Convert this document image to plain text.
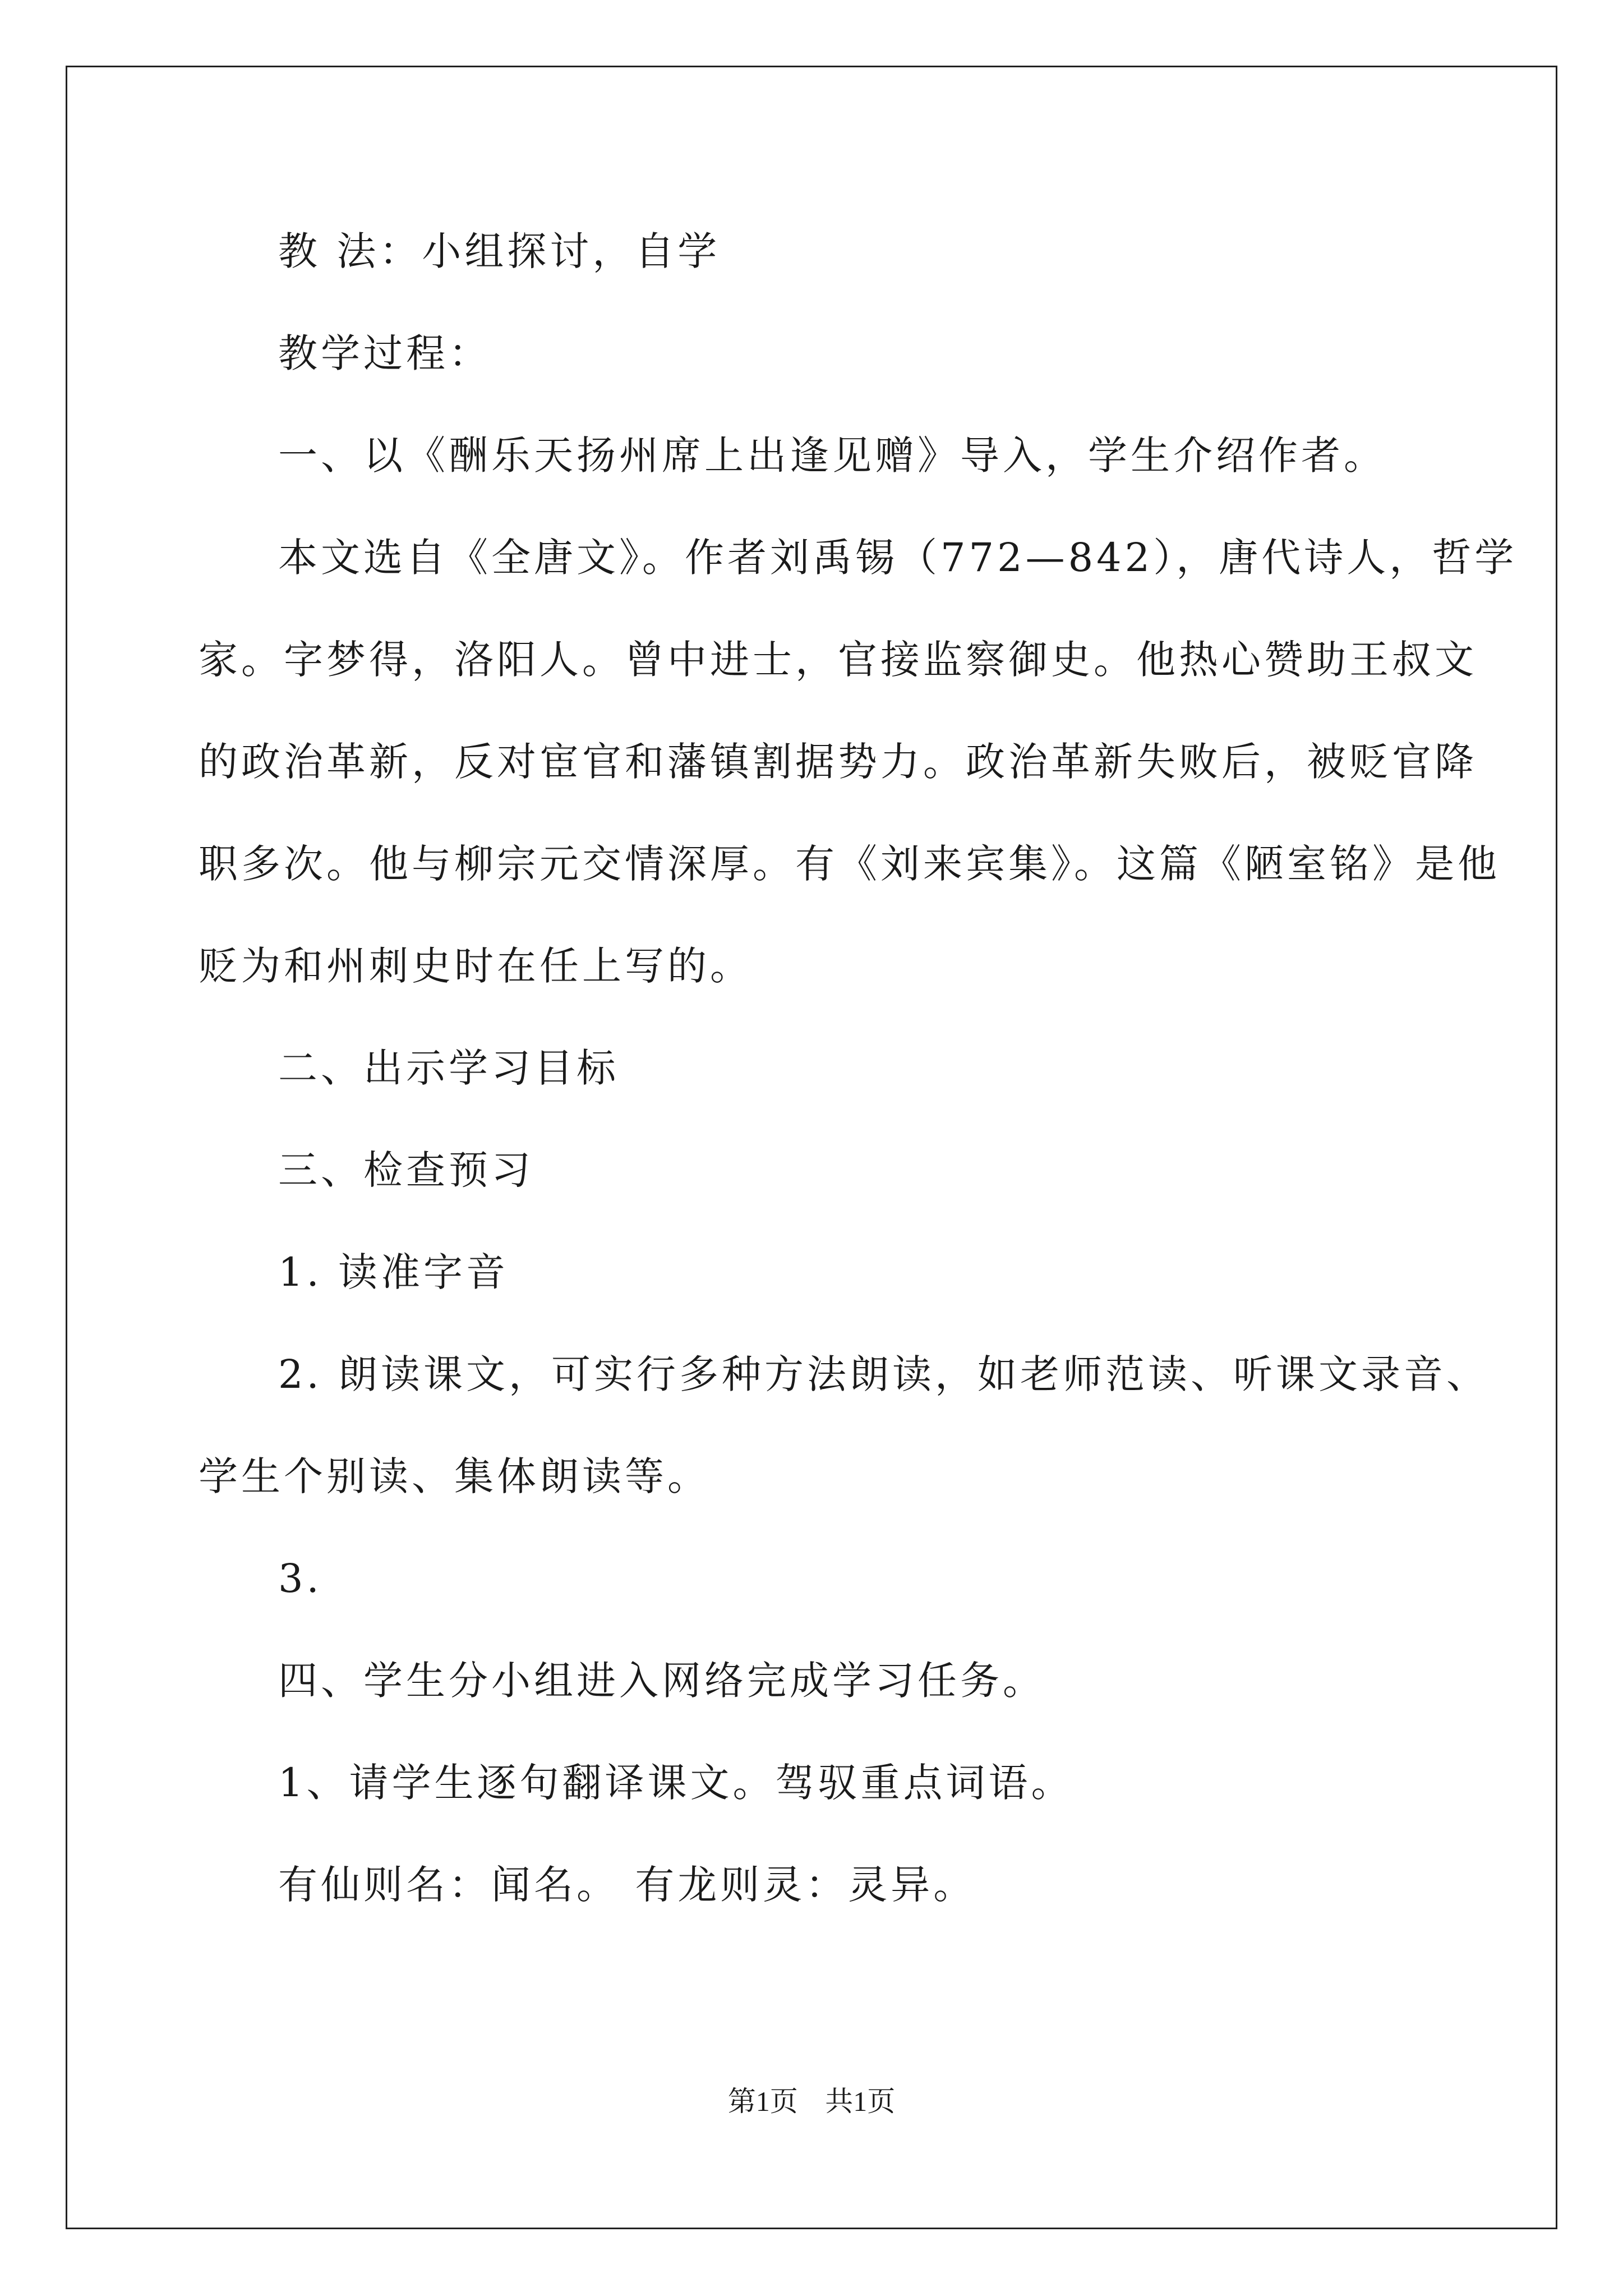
教 法：小组探讨，自学
教学过程：
一、以《酬乐天扬州席上出逢见赠》导入，学生介绍作者。
本文选自《全唐文》。作者刘禹锡（772—842），唐代诗人，哲学
家。字梦得，洛阳人。曾中进士，官接监察御史。他热心赞助王叔文
的政治革新，反对宦官和藩镇割据势力。政治革新失败后，被贬官降
职多次。他与柳宗元交情深厚。有《刘来宾集》。这篇《陋室铭》是他
贬为和州刺史时在任上写的。
二、出示学习目标
三、检查预习
1. 读准字音
2. 朗读课文，可实行多种方法朗读，如老师范读、听课文录音、
学生个别读、集体朗读等。
3.
四、学生分小组进入网络完成学习任务。
1、请学生逐句翻译课文。驾驭重点词语。
有仙则名：闻名。 有龙则灵：灵异。
第1页 共1页
